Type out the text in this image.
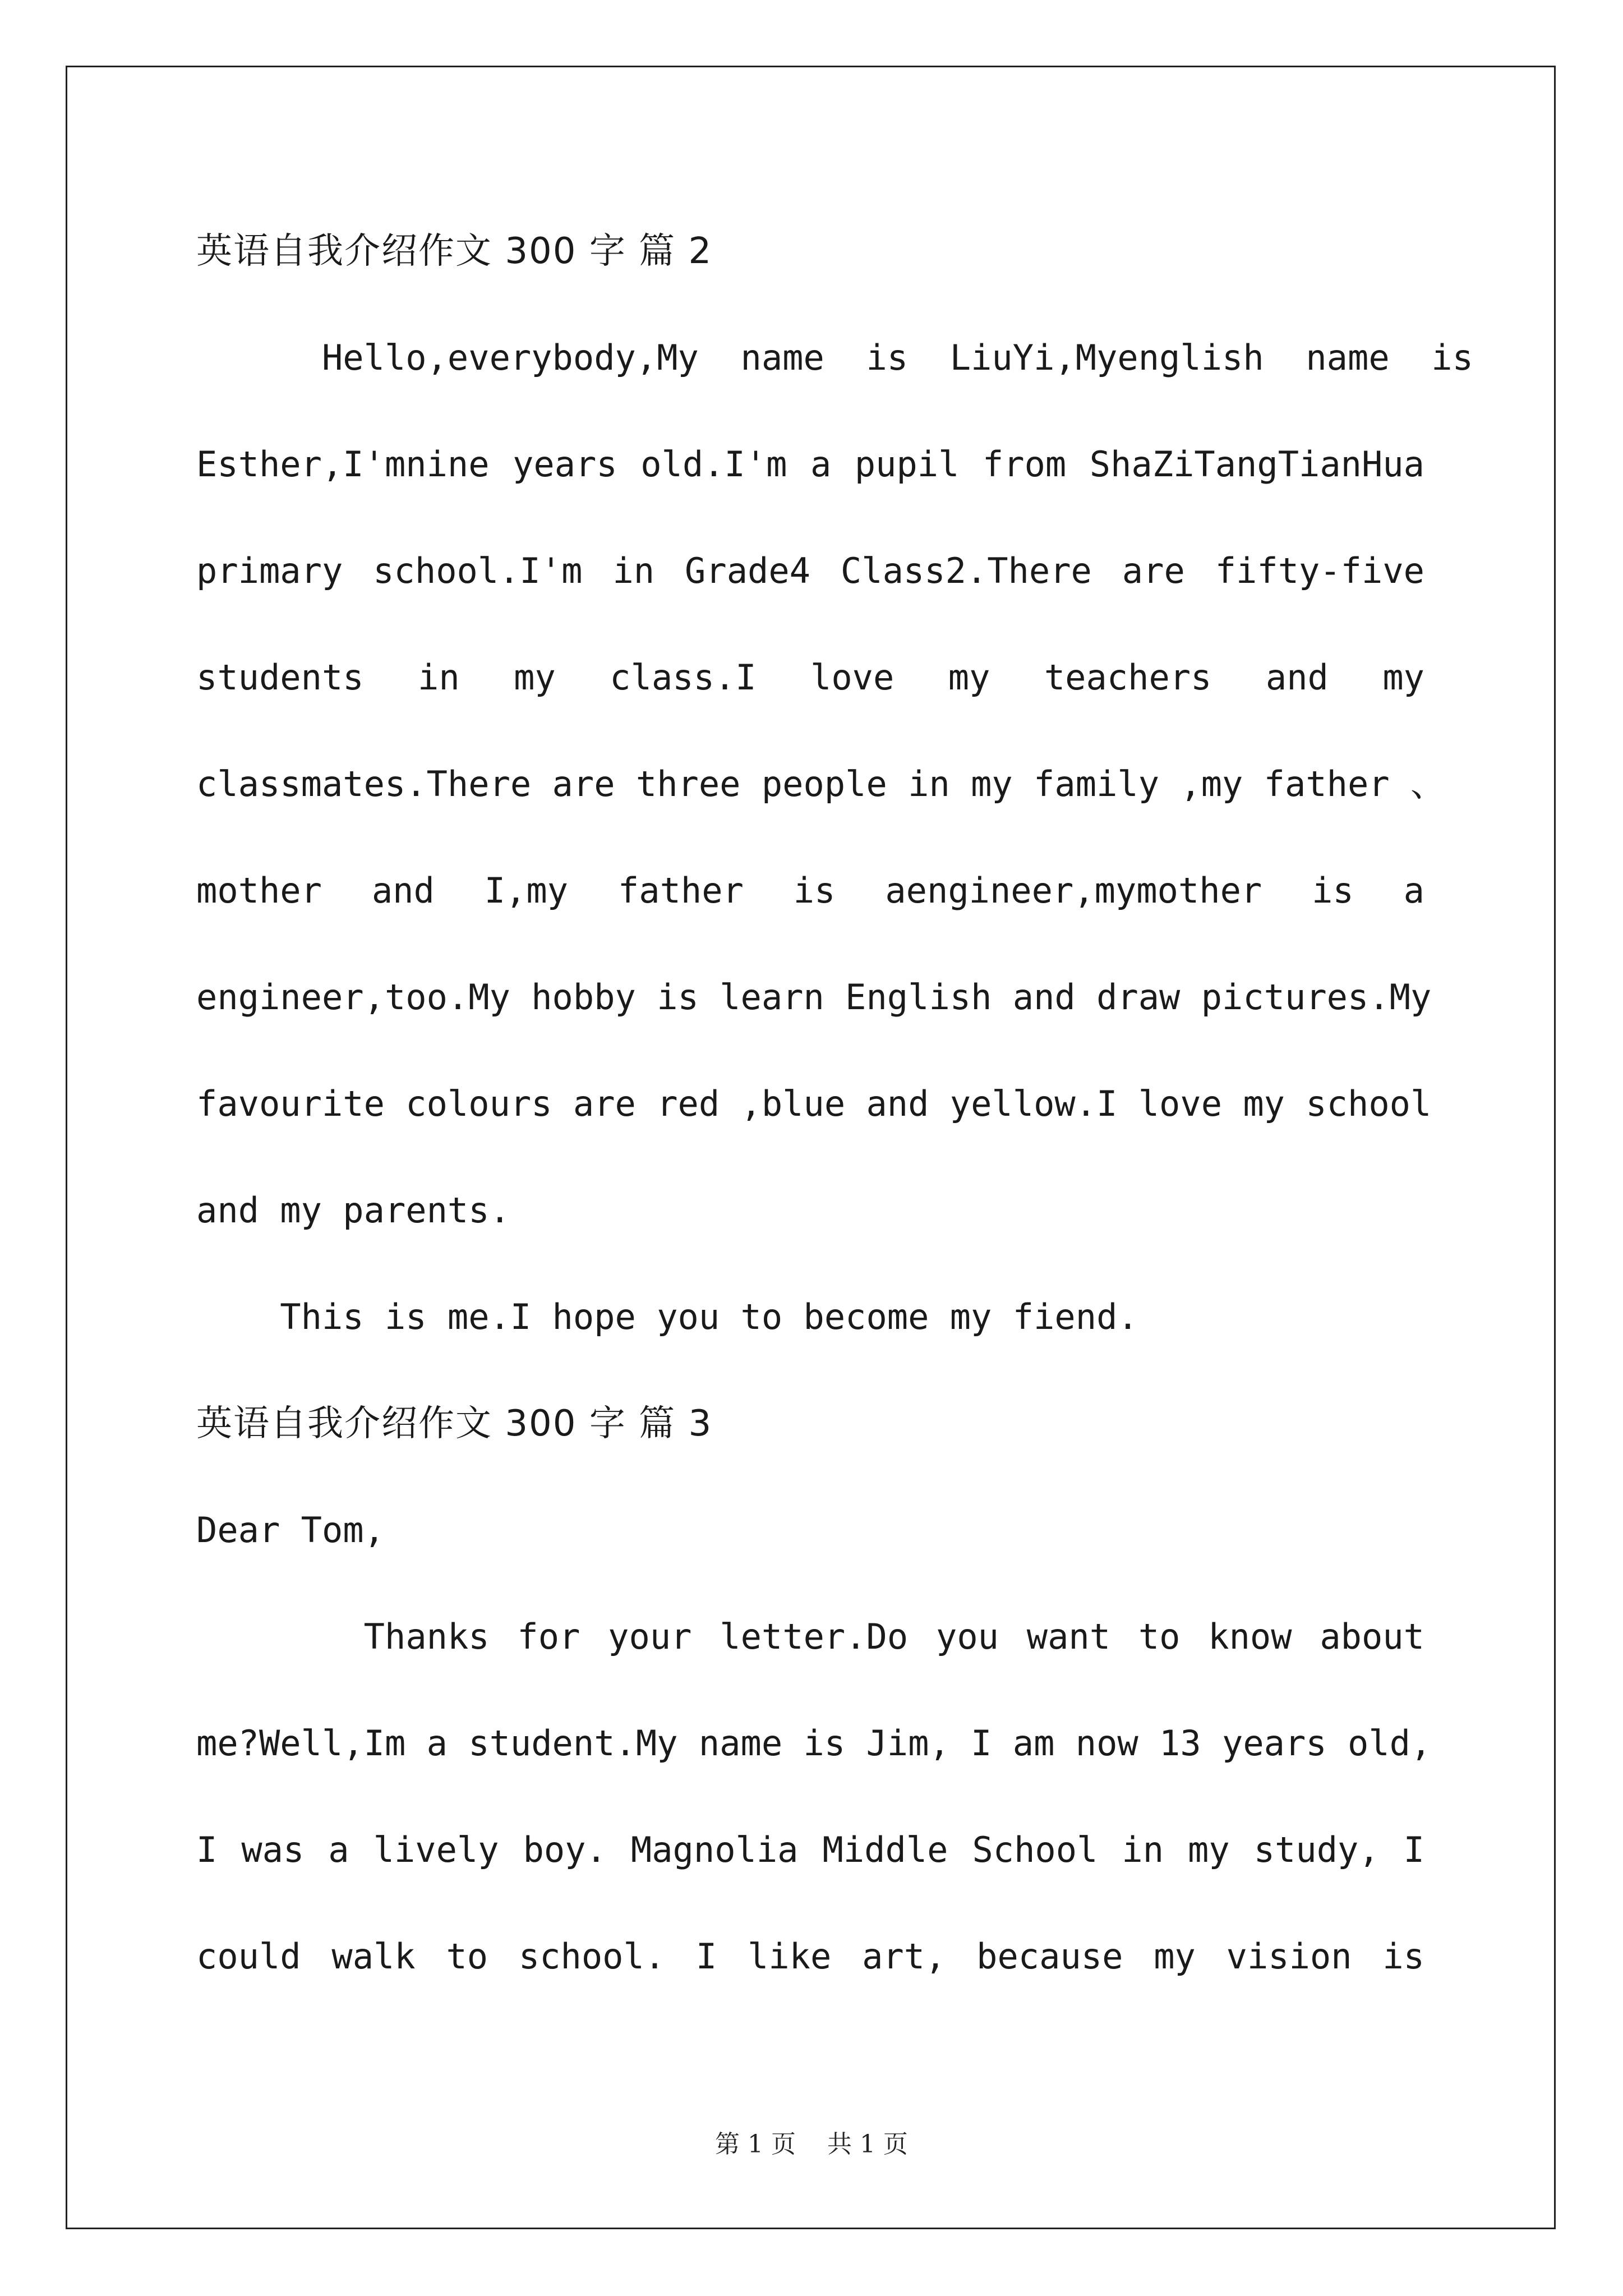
英语自我介绍作文 300 字 篇 2
Hello,everybody,My  name  is  LiuYi,Myenglish  name  is
Esther,I'mnine years old.I'm a pupil from ShaZiTangTianHua
primary school.I'm in Grade4 Class2.There are fifty-five
students in my class.I love my teachers and my
classmates.There are three people in my family ,my father 、
mother and I,my father is aengineer,mymother is a
engineer,too.My hobby is learn English and draw pictures.My
favourite colours are red ,blue and yellow.I love my school
and my parents.
This is me.I hope you to become my fiend.
英语自我介绍作文 300 字 篇 3
Dear Tom,
Thanks for your letter.Do you want to know about
me?Well,Im a student.My name is Jim, I am now 13 years old,
I was a lively boy. Magnolia Middle School in my study, I
could walk to school. I like art, because my vision is
第 1 页    共 1 页
